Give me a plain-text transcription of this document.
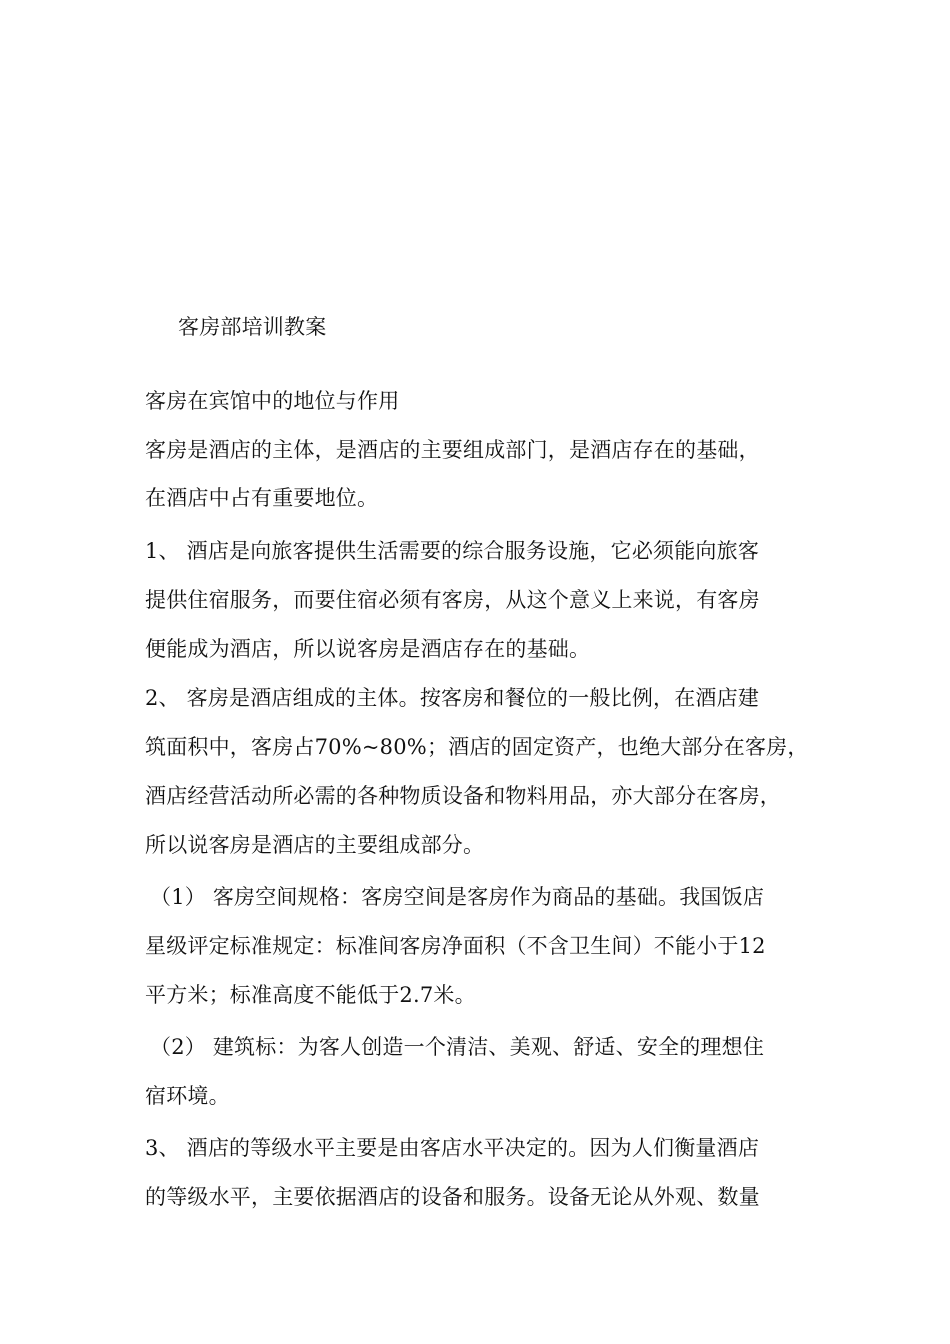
客房部培训教案
客房在宾馆中的地位与作用
客房是酒店的主体，是酒店的主要组成部门，是酒店存在的基础，
在酒店中占有重要地位。
1、 酒店是向旅客提供生活需要的综合服务设施，它必须能向旅客
提供住宿服务，而要住宿必须有客房，从这个意义上来说，有客房
便能成为酒店，所以说客房是酒店存在的基础。
2、 客房是酒店组成的主体。按客房和餐位的一般比例，在酒店建
筑面积中，客房占70%~80%；酒店的固定资产，也绝大部分在客房，
酒店经营活动所必需的各种物质设备和物料用品，亦大部分在客房，
所以说客房是酒店的主要组成部分。
（1） 客房空间规格：客房空间是客房作为商品的基础。我国饭店
星级评定标准规定：标准间客房净面积（不含卫生间）不能小于12
平方米；标准高度不能低于2.7米。
（2） 建筑标：为客人创造一个清洁、美观、舒适、安全的理想住
宿环境。
3、 酒店的等级水平主要是由客店水平决定的。因为人们衡量酒店
的等级水平，主要依据酒店的设备和服务。设备无论从外观、数量
